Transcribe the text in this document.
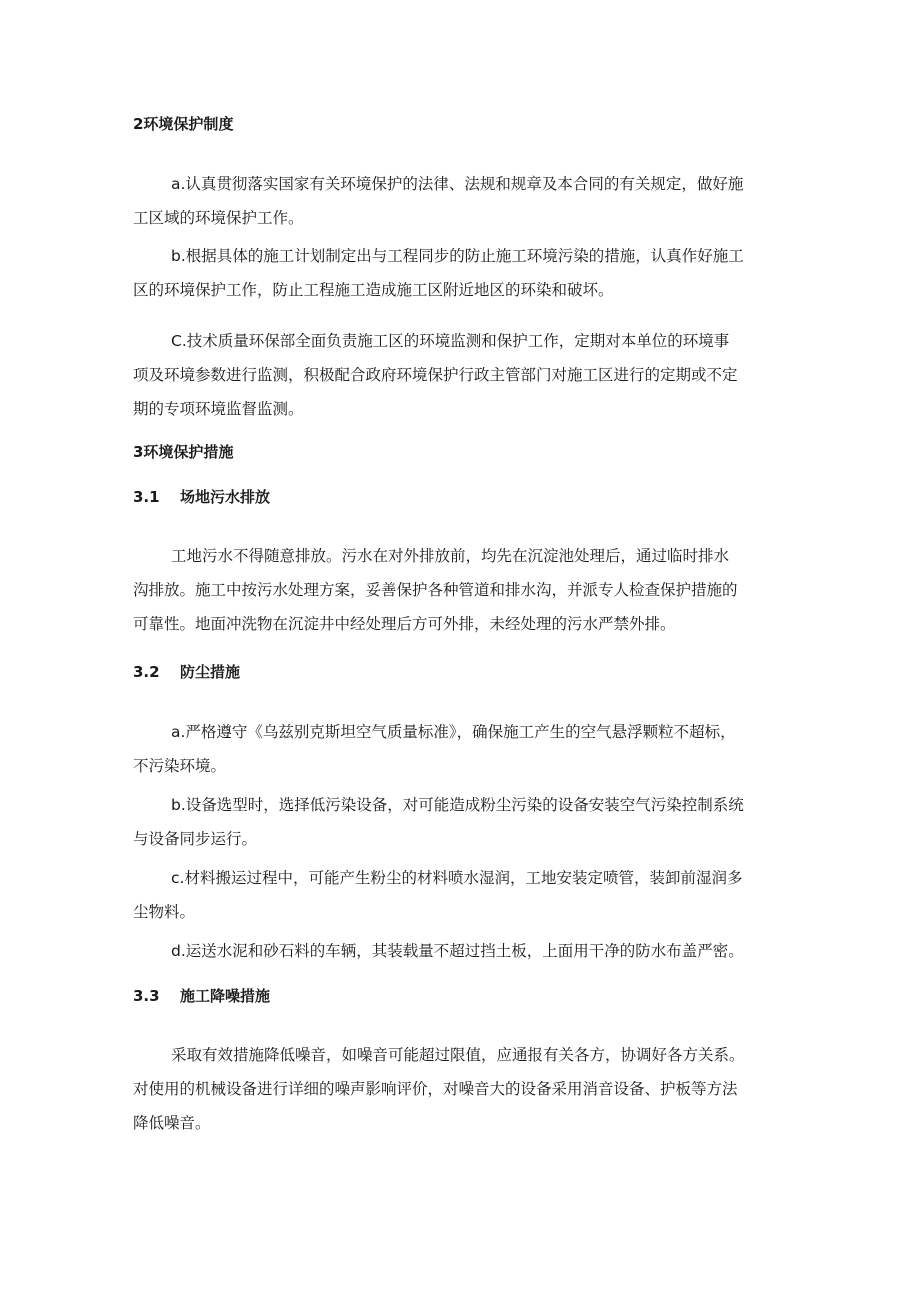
2环境保护制度
a.认真贯彻落实国家有关环境保护的法律、法规和规章及本合同的有关规定，做好施
工区域的环境保护工作。
b.根据具体的施工计划制定出与工程同步的防止施工环境污染的措施，认真作好施工
区的环境保护工作，防止工程施工造成施工区附近地区的环染和破坏。
C.技术质量环保部全面负责施工区的环境监测和保护工作，定期对本单位的环境事
项及环境参数进行监测，积极配合政府环境保护行政主管部门对施工区进行的定期或不定
期的专项环境监督监测。
3环境保护措施
3.1 场地污水排放
工地污水不得随意排放。污水在对外排放前，均先在沉淀池处理后，通过临时排水
沟排放。施工中按污水处理方案，妥善保护各种管道和排水沟，并派专人检查保护措施的
可靠性。地面冲洗物在沉淀井中经处理后方可外排，未经处理的污水严禁外排。
3.2 防尘措施
a.严格遵守《乌兹别克斯坦空气质量标准》，确保施工产生的空气悬浮颗粒不超标，
不污染环境。
b.设备选型时，选择低污染设备，对可能造成粉尘污染的设备安装空气污染控制系统
与设备同步运行。
c.材料搬运过程中，可能产生粉尘的材料喷水湿润，工地安装定喷管，装卸前湿润多
尘物料。
d.运送水泥和砂石料的车辆，其装载量不超过挡土板，上面用干净的防水布盖严密。
3.3 施工降噪措施
采取有效措施降低噪音，如噪音可能超过限值，应通报有关各方，协调好各方关系。
对使用的机械设备进行详细的噪声影响评价，对噪音大的设备采用消音设备、护板等方法
降低噪音。
